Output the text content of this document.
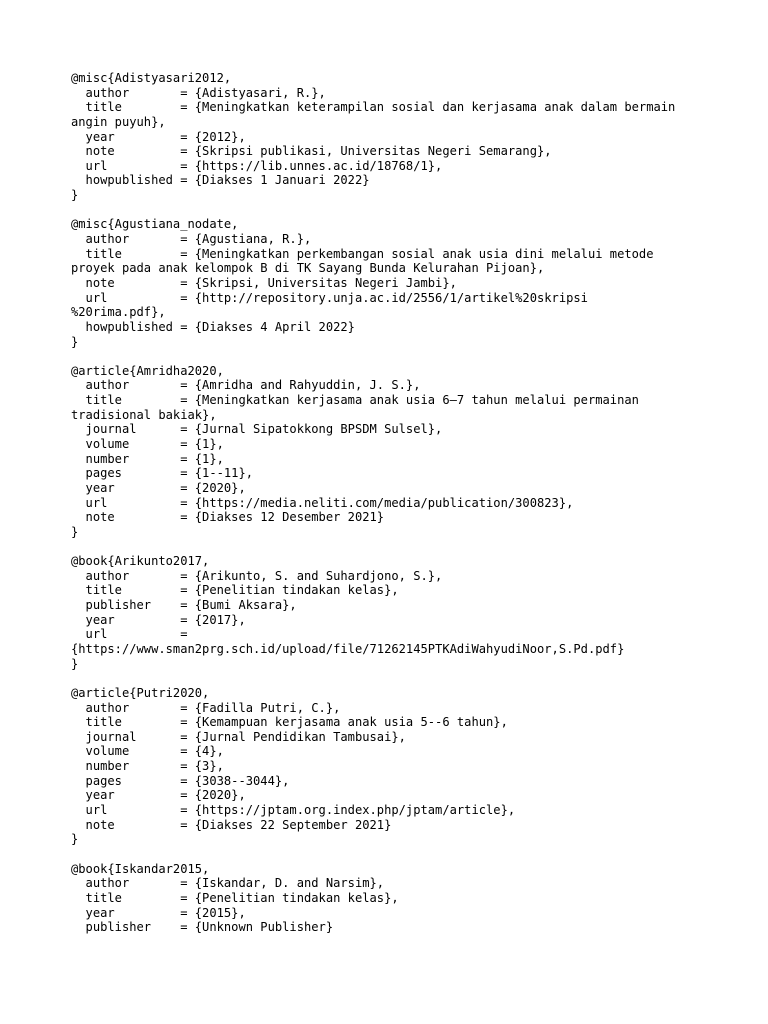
@misc{Adistyasari2012,
author       = {Adistyasari, R.},
title        = {Meningkatkan keterampilan sosial dan kerjasama anak dalam bermain
angin puyuh},
year         = {2012},
note         = {Skripsi publikasi, Universitas Negeri Semarang},
url          = {https://lib.unnes.ac.id/18768/1},
howpublished = {Diakses 1 Januari 2022}
}
@misc{Agustiana_nodate,
author       = {Agustiana, R.},
title        = {Meningkatkan perkembangan sosial anak usia dini melalui metode
proyek pada anak kelompok B di TK Sayang Bunda Kelurahan Pijoan},
note         = {Skripsi, Universitas Negeri Jambi},
url          = {http://repository.unja.ac.id/2556/1/artikel%20skripsi
%20rima.pdf},
howpublished = {Diakses 4 April 2022}
}
@article{Amridha2020,
author       = {Amridha and Rahyuddin, J. S.},
title        = {Meningkatkan kerjasama anak usia 6–7 tahun melalui permainan
tradisional bakiak},
journal      = {Jurnal Sipatokkong BPSDM Sulsel},
volume       = {1},
number       = {1},
pages        = {1--11},
year         = {2020},
url          = {https://media.neliti.com/media/publication/300823},
note         = {Diakses 12 Desember 2021}
}
@book{Arikunto2017,
author       = {Arikunto, S. and Suhardjono, S.},
title        = {Penelitian tindakan kelas},
publisher    = {Bumi Aksara},
year         = {2017},
url          =
{https://www.sman2prg.sch.id/upload/file/71262145PTKAdiWahyudiNoor,S.Pd.pdf}
}
@article{Putri2020,
author       = {Fadilla Putri, C.},
title        = {Kemampuan kerjasama anak usia 5--6 tahun},
journal      = {Jurnal Pendidikan Tambusai},
volume       = {4},
number       = {3},
pages        = {3038--3044},
year         = {2020},
url          = {https://jptam.org.index.php/jptam/article},
note         = {Diakses 22 September 2021}
}
@book{Iskandar2015,
author       = {Iskandar, D. and Narsim},
title        = {Penelitian tindakan kelas},
year         = {2015},
publisher    = {Unknown Publisher}
